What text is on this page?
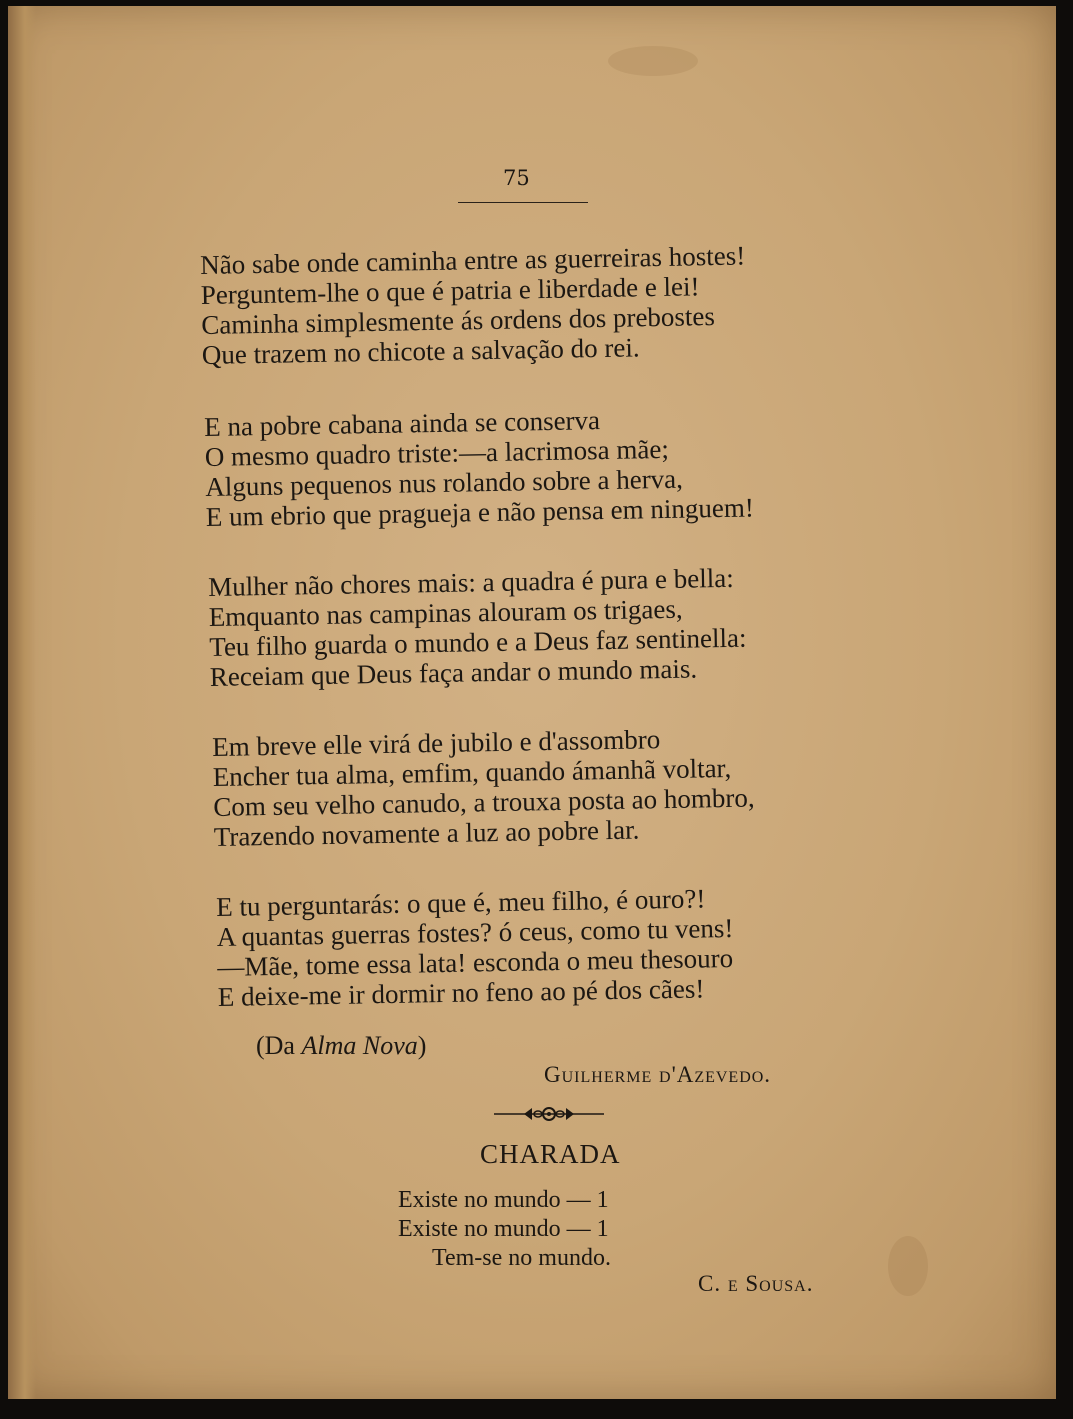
75
Não sabe onde caminha entre as guerreiras hostes!
Perguntem-lhe o que é patria e liberdade e lei!
Caminha simplesmente ás ordens dos prebostes
Que trazem no chicote a salvação do rei.
E na pobre cabana ainda se conserva
O mesmo quadro triste:—a lacrimosa mãe;
Alguns pequenos nus rolando sobre a herva,
E um ebrio que pragueja e não pensa em ninguem!
Mulher não chores mais: a quadra é pura e bella:
Emquanto nas campinas alouram os trigaes,
Teu filho guarda o mundo e a Deus faz sentinella:
Receiam que Deus faça andar o mundo mais.
Em breve elle virá de jubilo e d'assombro
Encher tua alma, emfim, quando ámanhã voltar,
Com seu velho canudo, a trouxa posta ao hombro,
Trazendo novamente a luz ao pobre lar.
E tu perguntarás: o que é, meu filho, é ouro?!
A quantas guerras fostes? ó ceus, como tu vens!
—Mãe, tome essa lata! esconda o meu thesouro
E deixe-me ir dormir no feno ao pé dos cães!
(Da Alma Nova)
Guilherme d'Azevedo.
CHARADA
Existe no mundo — 1
Existe no mundo — 1
Tem-se no mundo.
C. e Sousa.
